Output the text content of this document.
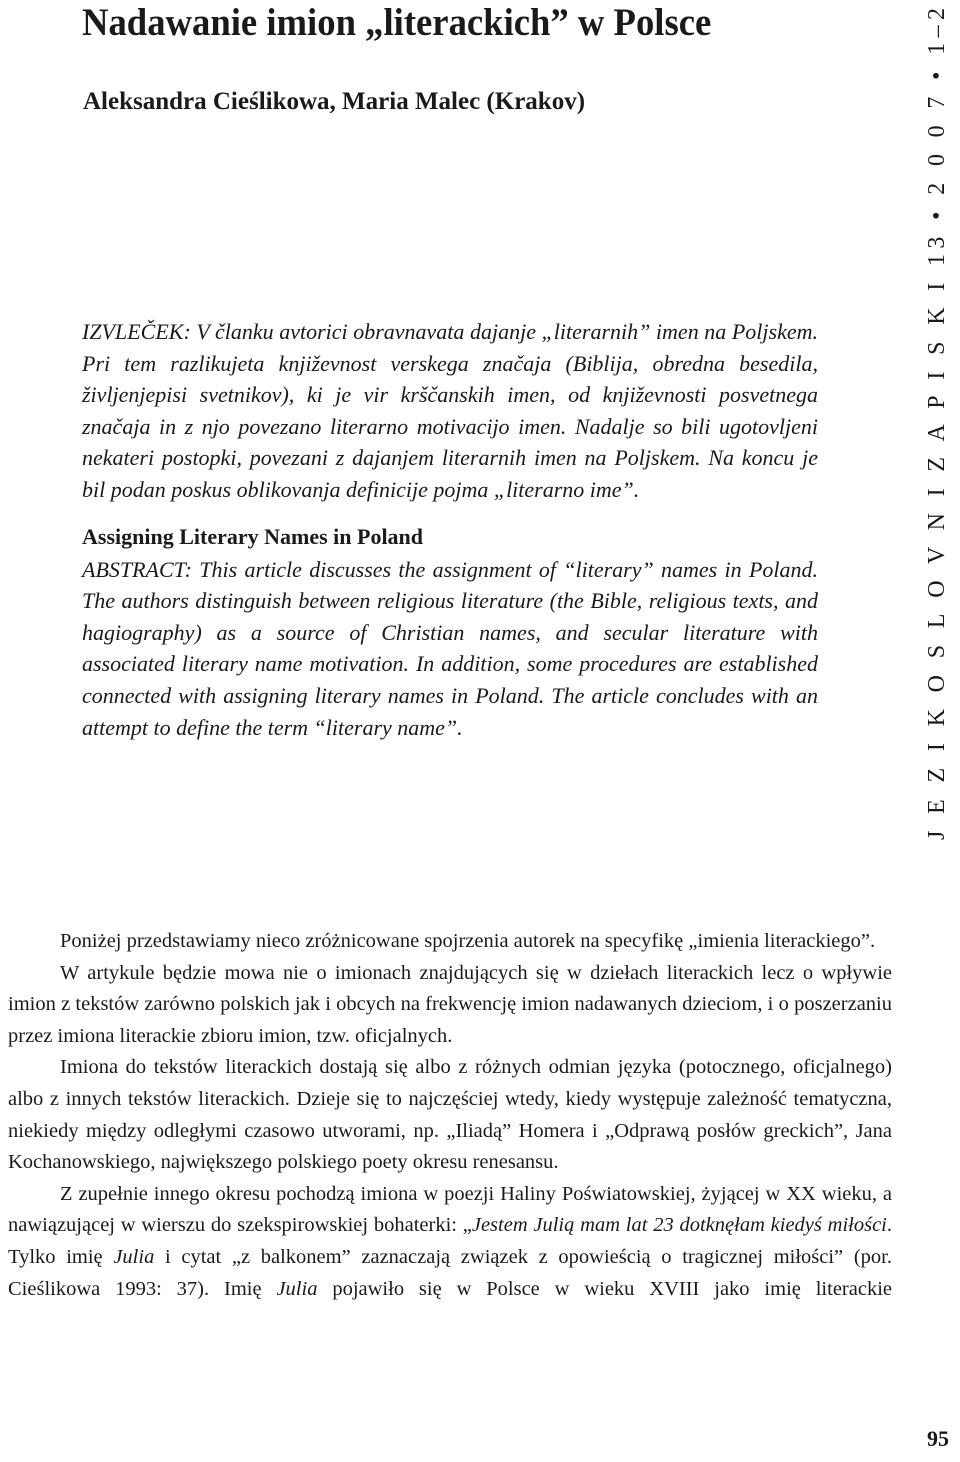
Nadawanie imion „literackich” w Polsce
Aleksandra Cieślikowa, Maria Malec (Krakov)

IZVLEČEK: V članku avtorici obravnavata dajanje „literarnih” imen na Poljskem. Pri tem razlikujeta književnost verskega značaja (Biblija, obredna besedila, življenjepisi svetnikov), ki je vir krščanskih imen, od književnosti posvetnega značaja in z njo povezano literarno motivacijo imen. Nadalje so bili ugotovljeni nekateri postopki, povezani z dajanjem literarnih imen na Poljskem. Na koncu je bil podan poskus oblikovanja definicije pojma „literarno ime”.

Assigning Literary Names in Poland

ABSTRACT: This article discusses the assignment of “literary” names in Poland. The authors distinguish between religious literature (the Bible, religious texts, and hagiography) as a source of Christian names, and secular literature with associated literary name motivation. In addition, some procedures are established connected with assigning literary names in Poland. The article concludes with an attempt to define the term “literary name”.

J E Z I K O S L O V N I Z A P I S K I 13 • 2 0 0 7 • 1–2

Poniżej przedstawiamy nieco zróżnicowane spojrzenia autorek na specyfikę „imienia literackiego”.

W artykule będzie mowa nie o imionach znajdujących się w dziełach literackich lecz o wpływie imion z tekstów zarówno polskich jak i obcych na frekwencję imion nadawanych dzieciom, i o poszerzaniu przez imiona literackie zbioru imion, tzw. oficjalnych.

Imiona do tekstów literackich dostają się albo z różnych odmian języka (potocznego, oficjalnego) albo z innych tekstów literackich. Dzieje się to najczęściej wtedy, kiedy występuje zależność tematyczna, niekiedy między odległymi czasowo utworami, np. „Iliadą” Homera i „Odprawą posłów greckich”, Jana Kochanowskiego, największego polskiego poety okresu renesansu.

Z zupełnie innego okresu pochodzą imiona w poezji Haliny Poświatowskiej, żyjącej w XX wieku, a nawiązującej w wierszu do szekspirowskiej bohaterki: „Jestem Julią mam lat 23 dotknęłam kiedyś miłości. Tylko imię Julia i cytat „z balkonem” zaznaczają związek z opowieścią o tragicznej miłości” (por. Cieślikowa 1993: 37). Imię Julia pojawiło się w Polsce w wieku XVIII jako imię literackie

95
